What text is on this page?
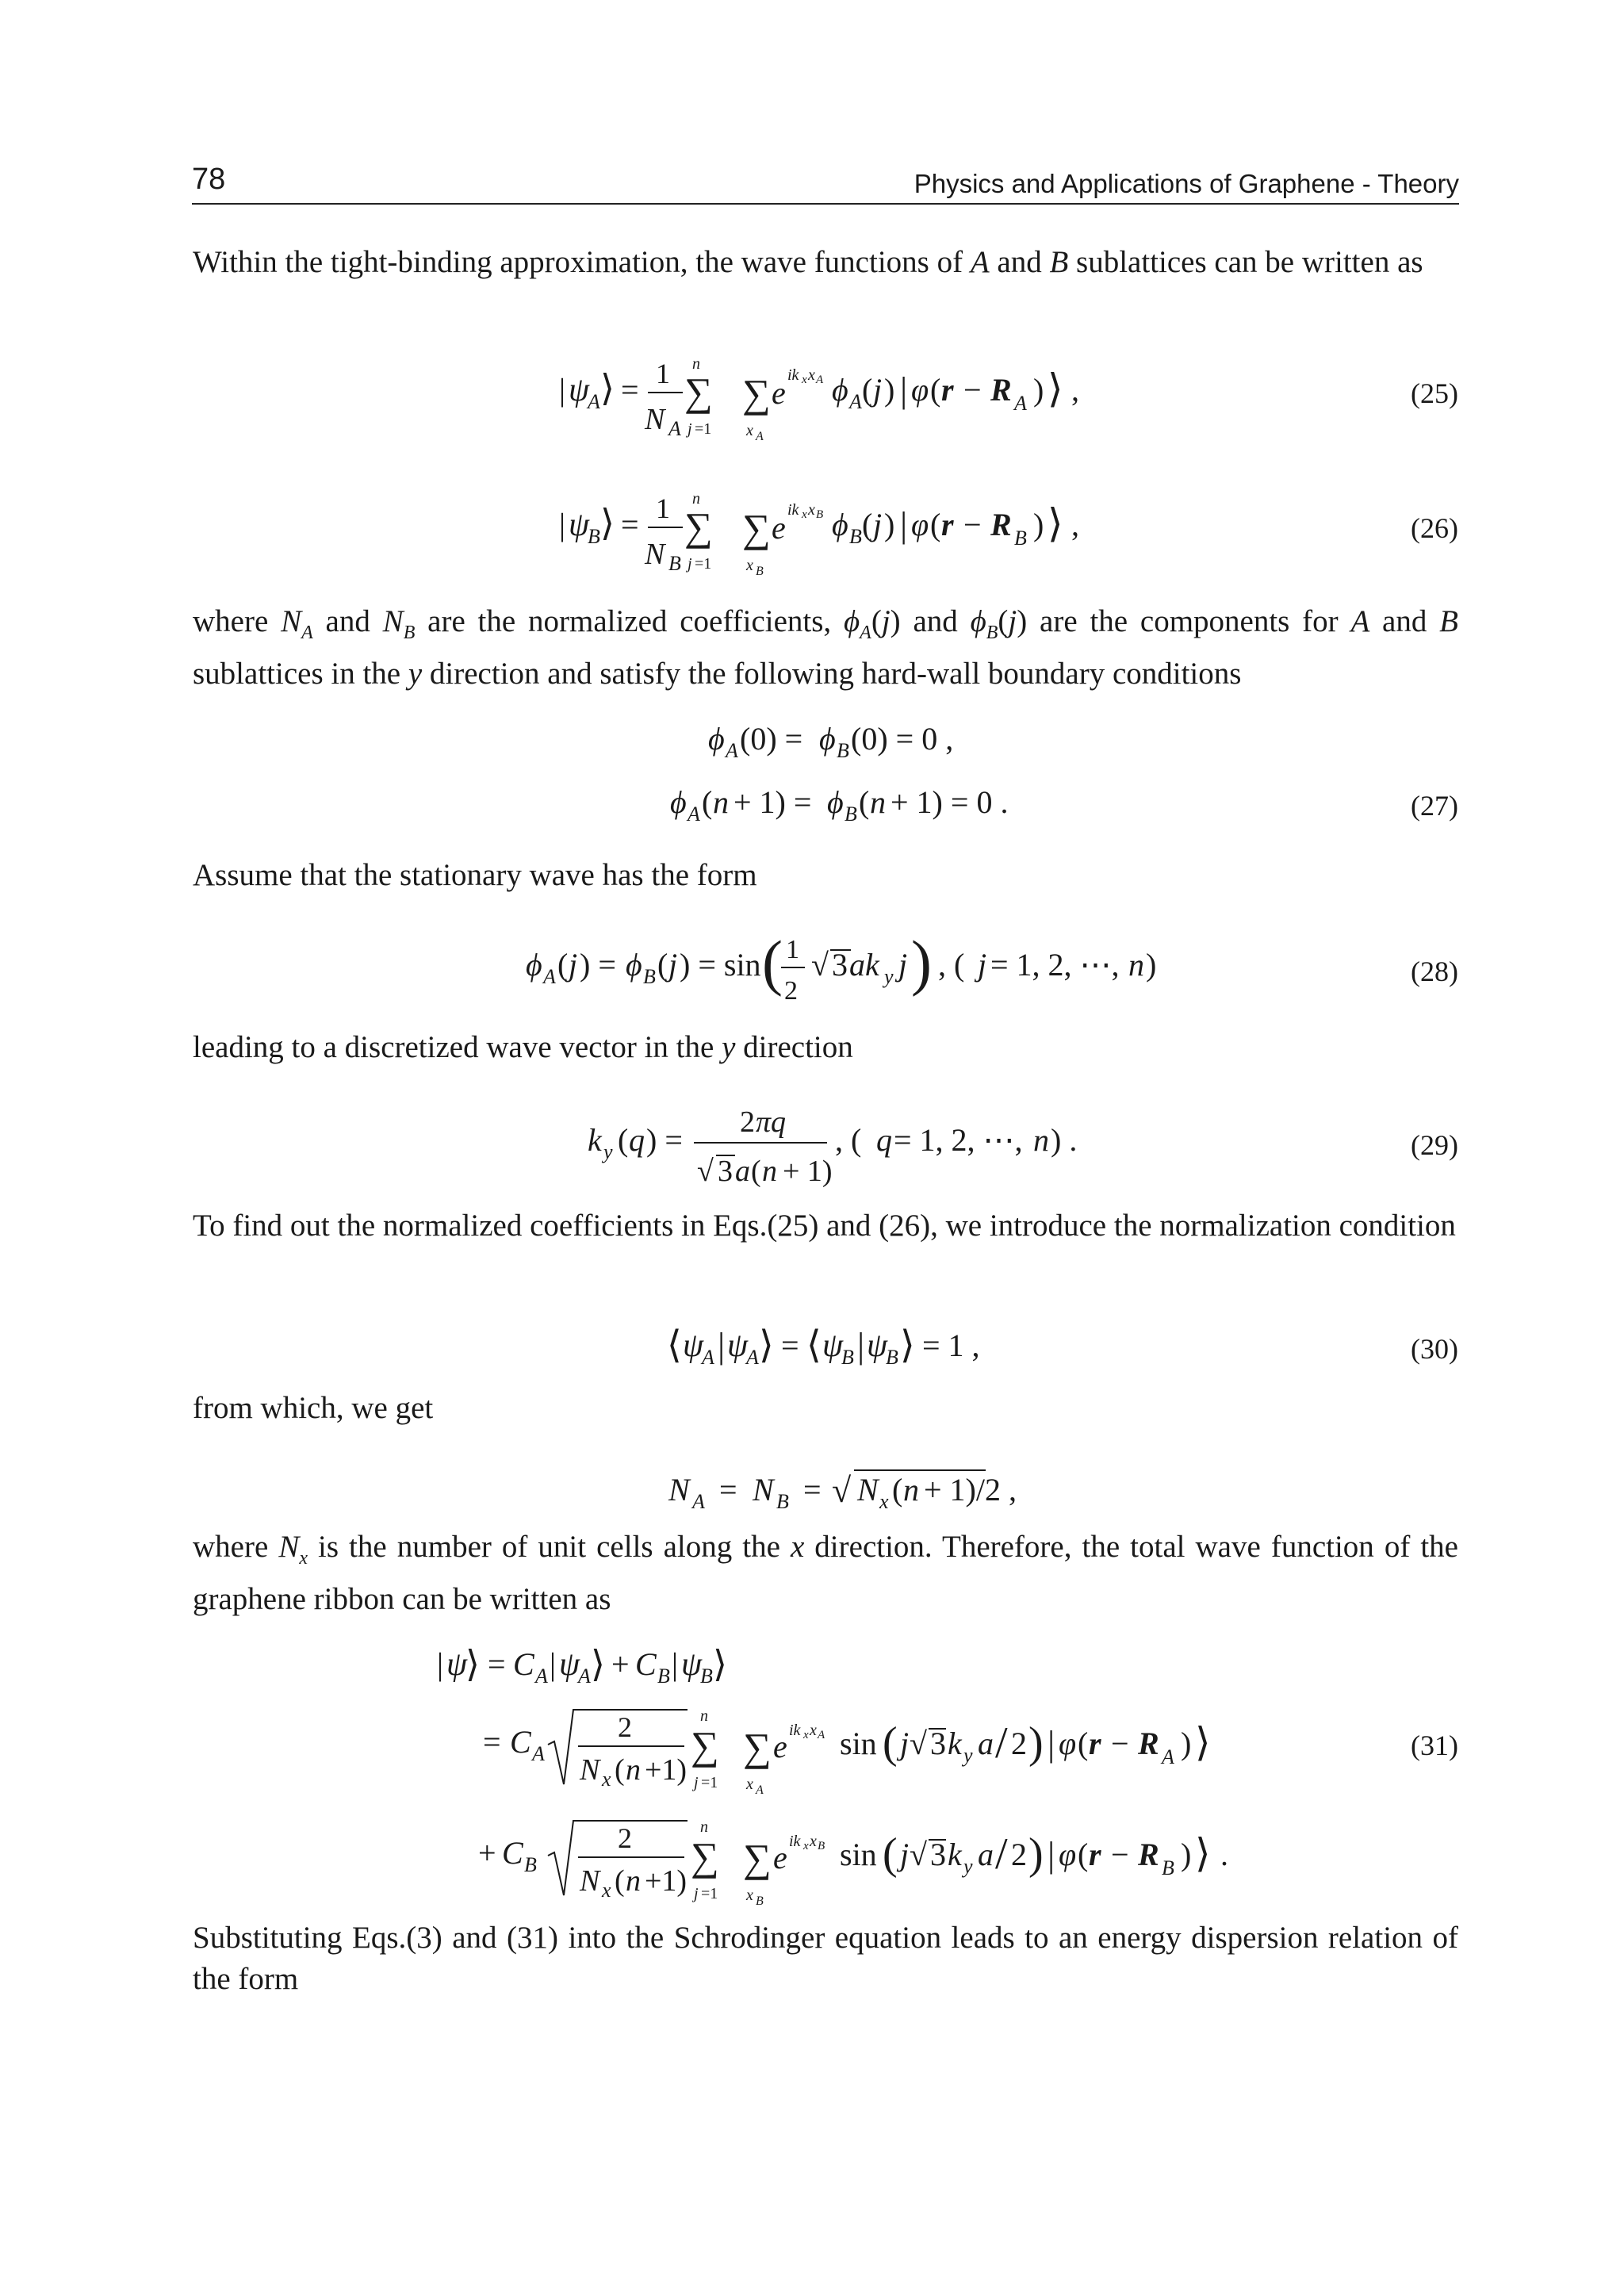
78	Physics and Applications of Graphene - Theory
Within the tight-binding approximation, the wave functions of A and B sublattices can be written as
| ψ
A ⟩ = 1
N A
n
∑
j =1
∑
x A
e ik x x A ϕ A ( j ) | φ ( r − R A ) ⟩ ,	(25)
| ψ
B ⟩ = 1
N B
n
∑
j =1
∑
x B
e ik x x B ϕ B ( j ) | φ ( r − R B ) ⟩ ,	(26)
where $N_A$ and $N_B$ are the normalized coefficients, $\phi_A(j)$ and $\phi_B(j)$ are the components for A and B sublattices in the y direction and satisfy the following hard-wall boundary conditions
ϕ A (0) = ϕ B (0) = 0 ,
ϕ A ( n + 1) = ϕ B ( n + 1) = 0 .	(27)
Assume that the stationary wave has the form
ϕ A ( j ) = ϕ B ( j ) = sin ( 1
2
√ 3 ak y j ) , ( j = 1, 2, ⋯, n )	(28)
leading to a discretized wave vector in the y direction
k y ( q ) = 2 πq
√ 3 a ( n + 1)
, ( q = 1, 2, ⋯, n ) .	(29)
To find out the normalized coefficients in Eqs.(25) and (26), we introduce the normalization condition
⟨ ψ
A | ψ
A ⟩ = ⟨ ψ
B | ψ
B ⟩ = 1 ,	(30)
from which, we get
N A = N B = √ N x ( n + 1)/2 ,
where $N_x$ is the number of unit cells along the x direction. Therefore, the total wave function of the graphene ribbon can be written as
| ψ
⟩ = C A | ψ
A ⟩ + C B | ψ
B ⟩
= C A
2
N x ( n +1)
n
∑
j =1
∑
x A
e ik x x A sin ( j √ 3 k y a / 2 ) | φ ( r − R A ) ⟩
+ C B
2
N x ( n +1)
n
∑
j =1
∑
x B
e ik x x B sin ( j √ 3 k y a / 2 ) | φ ( r − R B ) ⟩ .
(31)
Substituting Eqs.(3) and (31) into the Schrodinger equation leads to an energy dispersion relation of the form
